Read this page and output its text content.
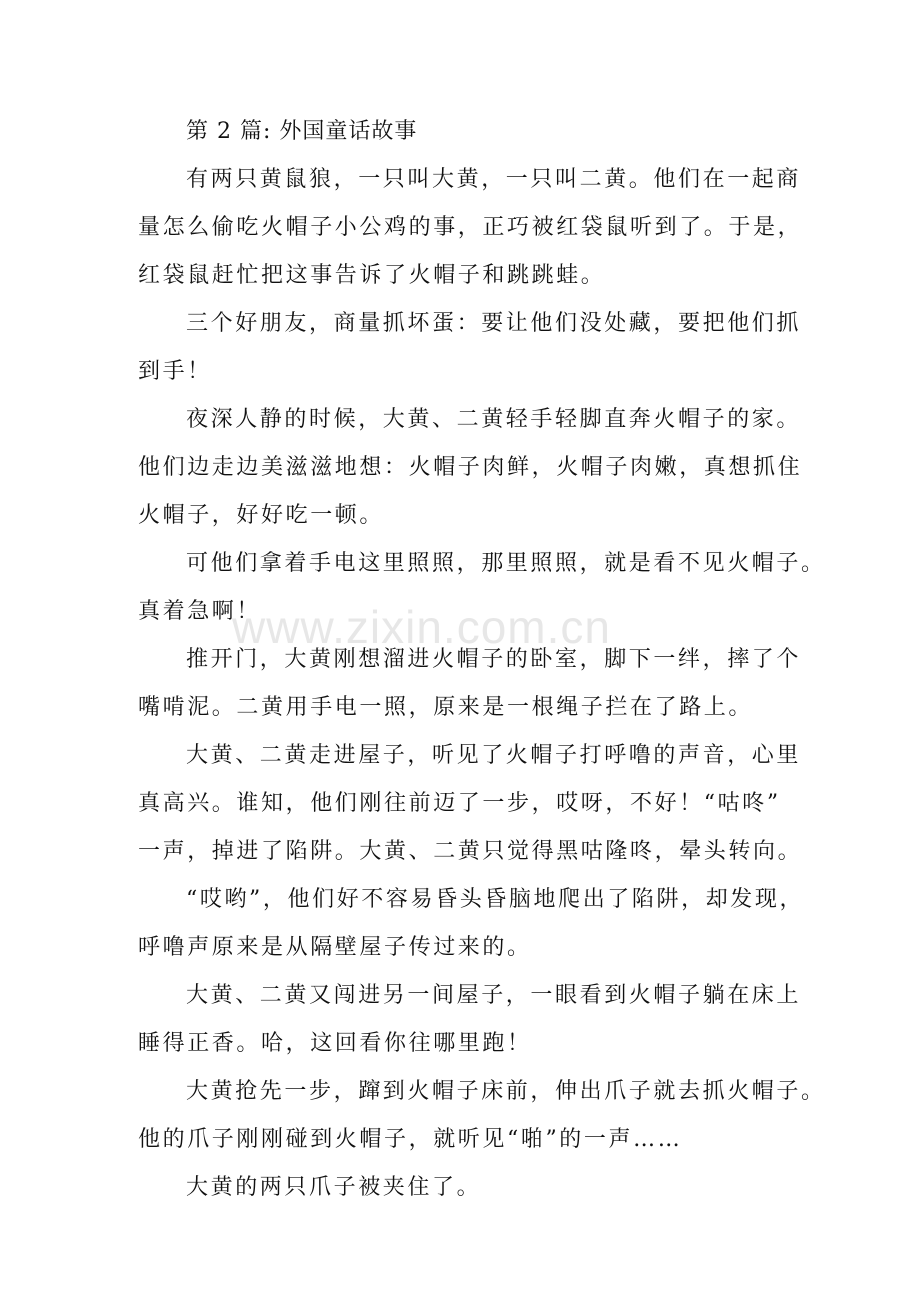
www.zixin.com.cn
第 2 篇: 外国童话故事
有两只黄鼠狼，一只叫大黄，一只叫二黄。他们在一起商
量怎么偷吃火帽子小公鸡的事，正巧被红袋鼠听到了。于是，
红袋鼠赶忙把这事告诉了火帽子和跳跳蛙。
三个好朋友，商量抓坏蛋：要让他们没处藏，要把他们抓
到手！
夜深人静的时候，大黄、二黄轻手轻脚直奔火帽子的家。
他们边走边美滋滋地想：火帽子肉鲜，火帽子肉嫩，真想抓住
火帽子，好好吃一顿。
可他们拿着手电这里照照，那里照照，就是看不见火帽子。
真着急啊！
推开门，大黄刚想溜进火帽子的卧室，脚下一绊，摔了个
嘴啃泥。二黄用手电一照，原来是一根绳子拦在了路上。
大黄、二黄走进屋子，听见了火帽子打呼噜的声音，心里
真高兴。谁知，他们刚往前迈了一步，哎呀，不好！“咕咚”
一声，掉进了陷阱。大黄、二黄只觉得黑咕隆咚，晕头转向。
“哎哟”，他们好不容易昏头昏脑地爬出了陷阱，却发现，
呼噜声原来是从隔壁屋子传过来的。
大黄、二黄又闯进另一间屋子，一眼看到火帽子躺在床上
睡得正香。哈，这回看你往哪里跑！
大黄抢先一步，蹿到火帽子床前，伸出爪子就去抓火帽子。
他的爪子刚刚碰到火帽子，就听见“啪”的一声……
大黄的两只爪子被夹住了。
